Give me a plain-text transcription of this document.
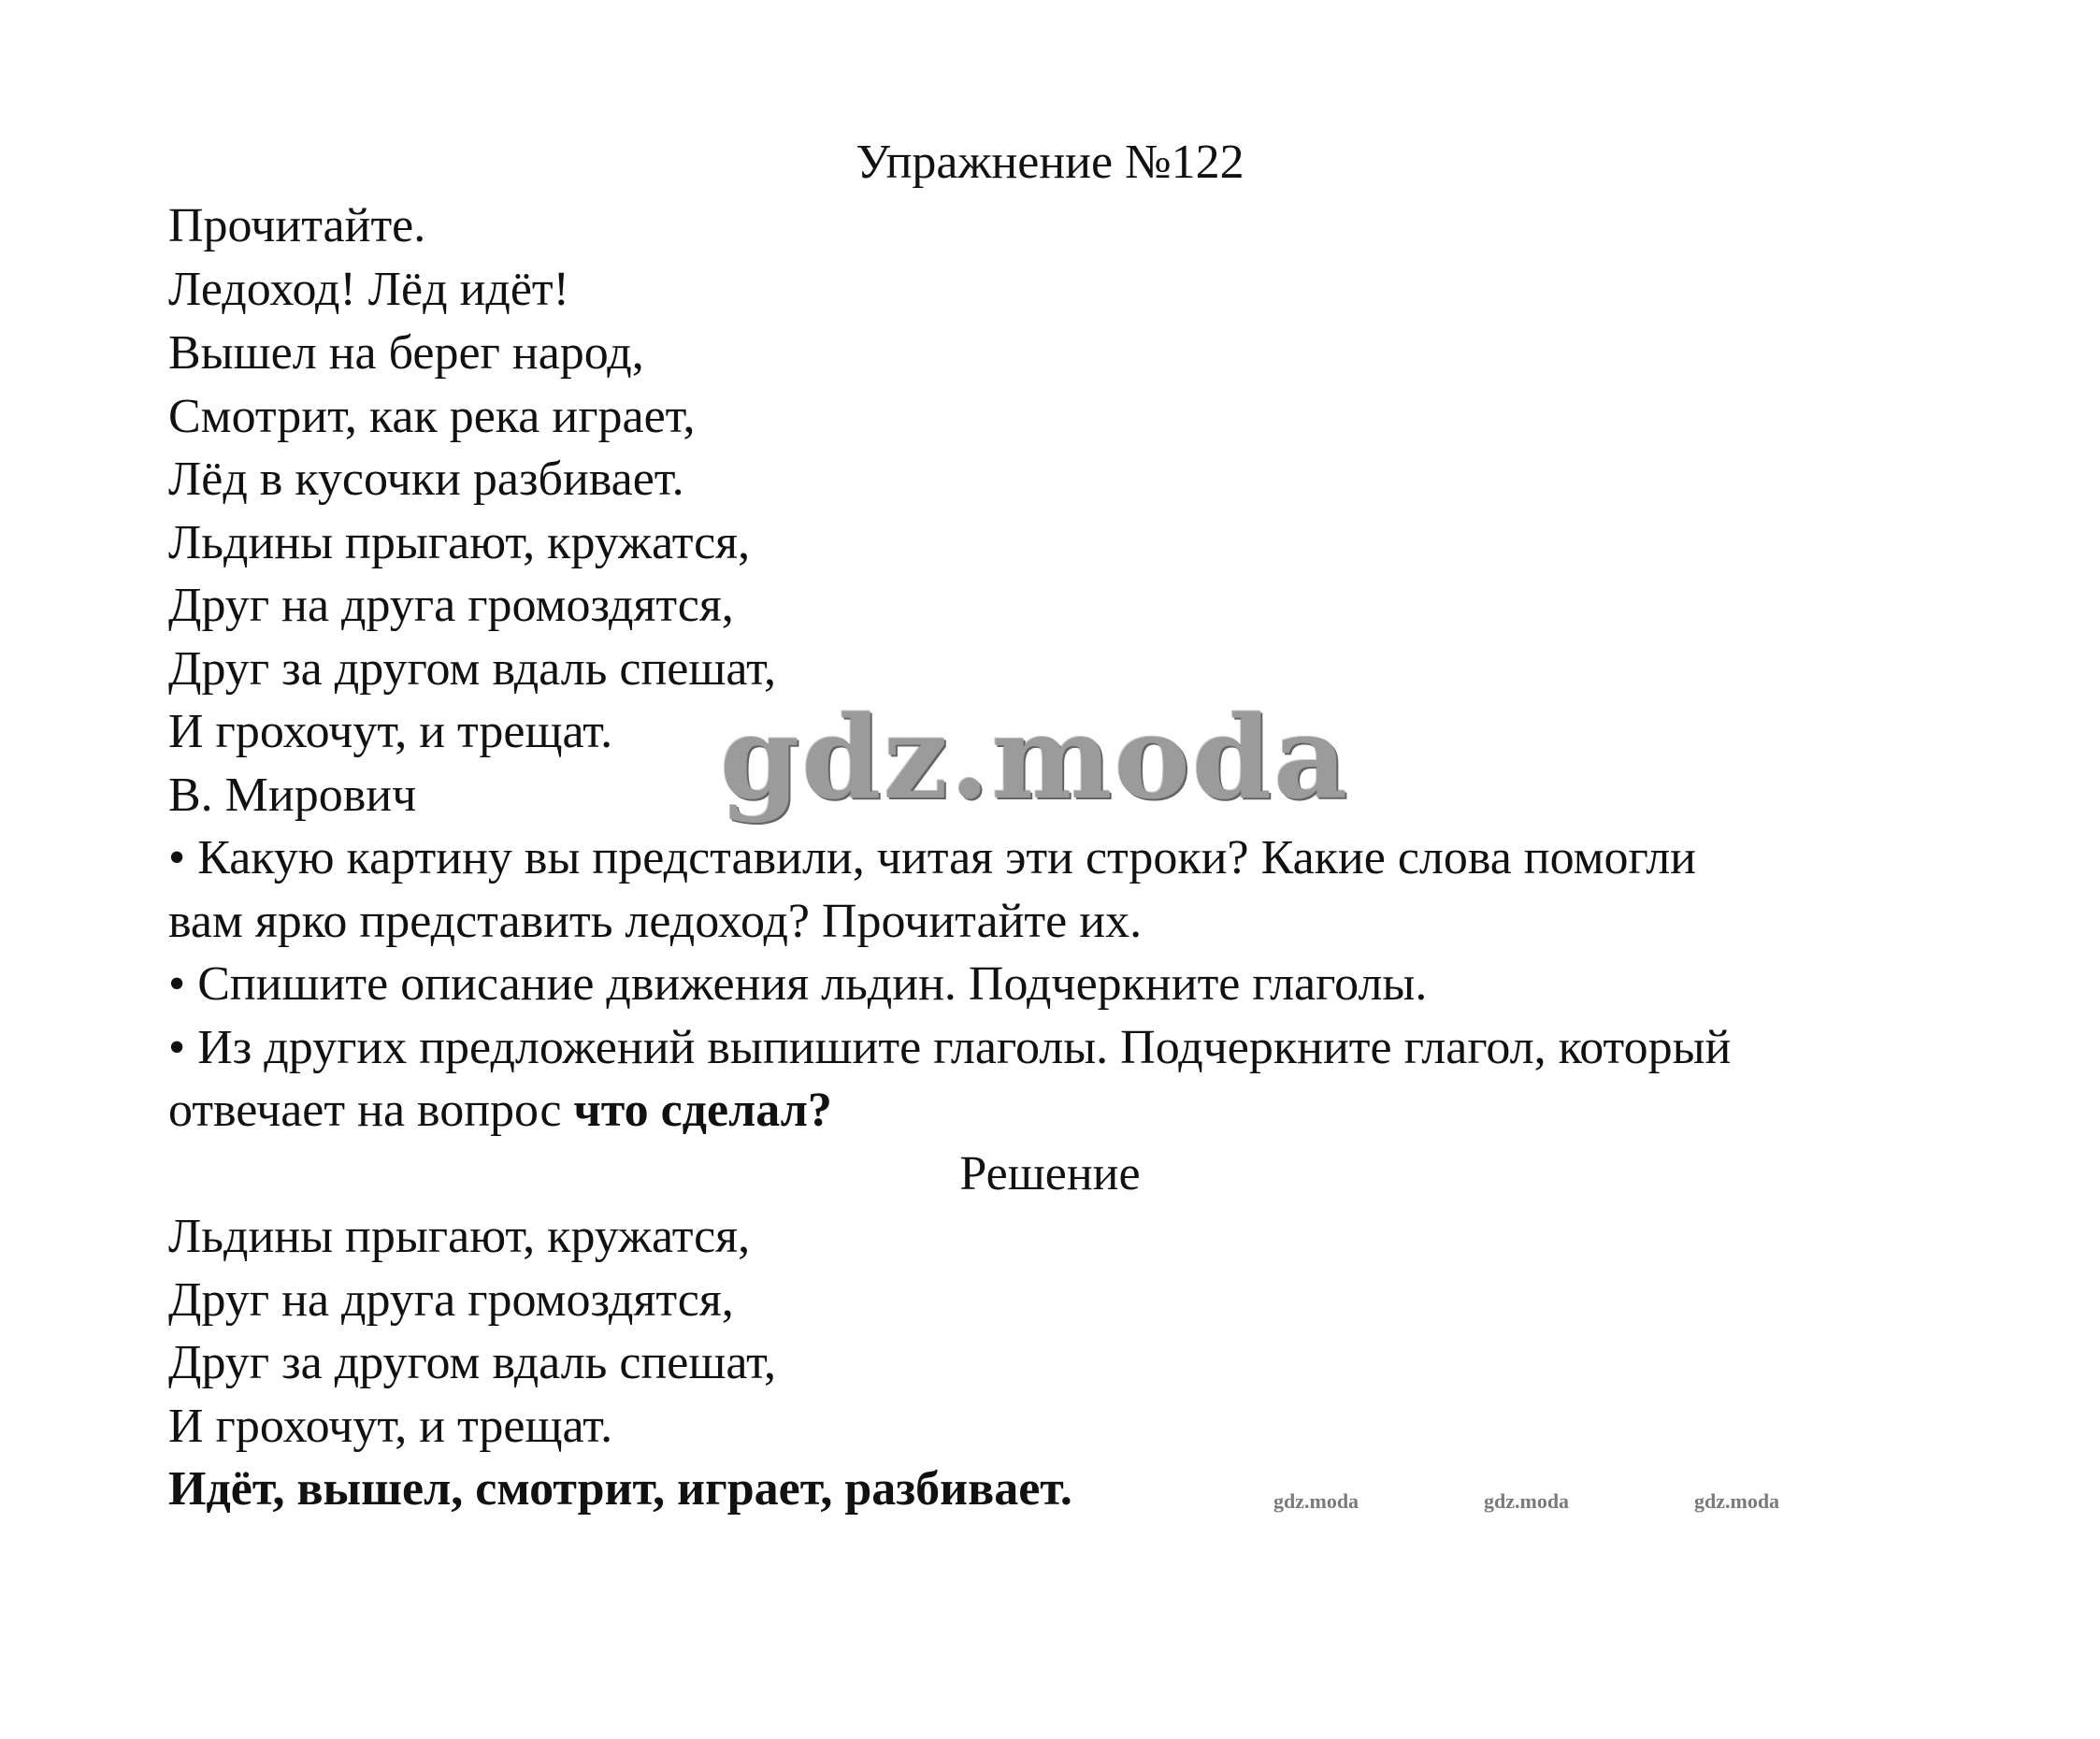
Упражнение №122
Прочитайте.
Ледоход! Лёд идёт!
Вышел на берег народ,
Смотрит, как река играет,
Лёд в кусочки разбивает.
Льдины прыгают, кружатся,
Друг на друга громоздятся,
Друг за другом вдаль спешат,
И грохочут, и трещат.
В. Мирович
• Какую картину вы представили, читая эти строки? Какие слова помогли
вам ярко представить ледоход? Прочитайте их.
• Спишите описание движения льдин. Подчеркните глаголы.
• Из других предложений выпишите глаголы. Подчеркните глагол, который
отвечает на вопрос что сделал?
Решение
Льдины прыгают, кружатся,
Друг на друга громоздятся,
Друг за другом вдаль спешат,
И грохочут, и трещат.
Идёт, вышел, смотрит, играет, разбивает.
gdz.moda
gdz.moda	gdz.moda	gdz.moda
